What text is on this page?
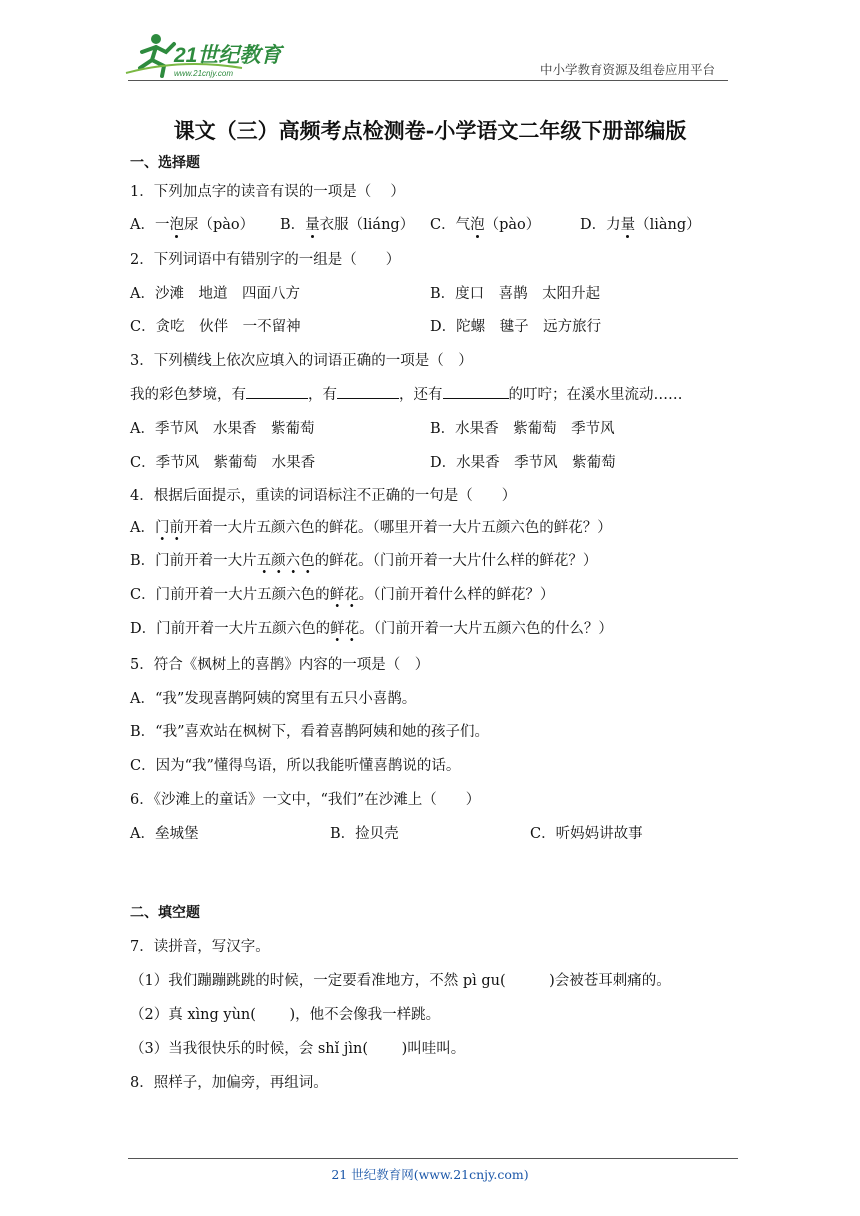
21世纪教育
www.21cnjy.com	中小学教育资源及组卷应用平台
课文（三）高频考点检测卷-小学语文二年级下册部编版
一、选择题
1．下列加点字的读音有误的一项是（　 ）
A．一泡尿（pào） B．量衣服（liáng） C．气泡（pào）	D．力量（liàng）
2．下列词语中有错别字的一组是（　　）
A．沙滩　地道　四面八方	B．度口　喜鹊　太阳升起
C．贪吃　伙伴　一不留神	D．陀螺　毽子　远方旅行
3．下列横线上依次应填入的词语正确的一项是（　）
我的彩色梦境，有	，有	，还有	的叮咛；在溪水里流动……
A．季节风　水果香　紫葡萄	B．水果香　紫葡萄　季节风
C．季节风　紫葡萄　水果香	D．水果香　季节风　紫葡萄
4．根据后面提示，重读的词语标注不正确的一句是（　　）
A．门前开着一大片五颜六色的鲜花。（哪里开着一大片五颜六色的鲜花？）
B．门前开着一大片五颜六色的鲜花。（门前开着一大片什么样的鲜花？）
C．门前开着一大片五颜六色的鲜花。（门前开着什么样的鲜花？）
D．门前开着一大片五颜六色的鲜花。（门前开着一大片五颜六色的什么？）
5．符合《枫树上的喜鹊》内容的一项是（　）
A．“我”发现喜鹊阿姨的窝里有五只小喜鹊。
B．“我”喜欢站在枫树下，看着喜鹊阿姨和她的孩子们。
C．因为“我”懂得鸟语，所以我能听懂喜鹊说的话。
6．《沙滩上的童话》一文中，“我们”在沙滩上（　　）
A．垒城堡	B．捡贝壳	C．听妈妈讲故事
二、填空题
7．读拼音，写汉字。
（1）我们蹦蹦跳跳的时候，一定要看准地方，不然 pì gu(　　　)会被苍耳刺痛的。
（2）真 xìng yùn(　　 )，他不会像我一样跳。
（3）当我很快乐的时候，会 shǐ jìn(　　 )叫哇叫。
8．照样子，加偏旁，再组词。
21 世纪教育网(www.21cnjy.com)
